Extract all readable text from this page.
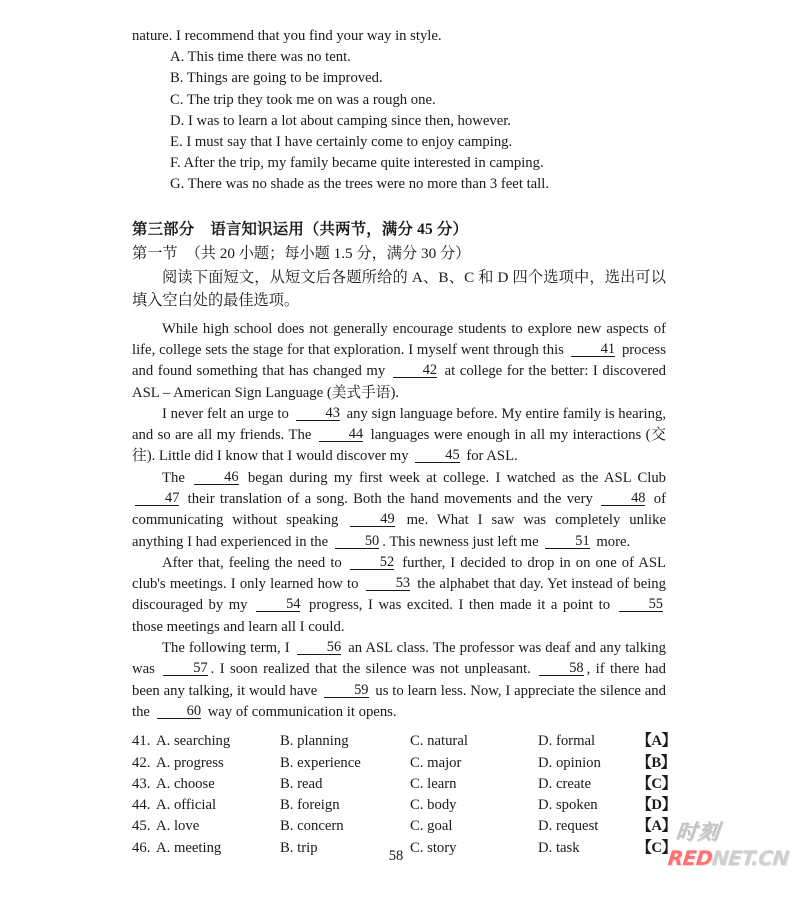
nature. I recommend that you find your way in style.

A. This time there was no tent.

B. Things are going to be improved.

C. The trip they took me on was a rough one.

D. I was to learn a lot about camping since then, however.

E. I must say that I have certainly come to enjoy camping.

F. After the trip, my family became quite interested in camping.

G. There was no shade as the trees were no more than 3 feet tall.

第三部分 语言知识运用（共两节，满分 45 分）

第一节 （共 20 小题；每小题 1.5 分，满分 30 分）

阅读下面短文，从短文后各题所给的 A、B、C 和 D 四个选项中，选出可以填入空白处的最佳选项。

While high school does not generally encourage students to explore new aspects of life, college sets the stage for that exploration. I myself went through this 41 process and found something that has changed my 42 at college for the better: I discovered ASL – American Sign Language (美式手语).

I never felt an urge to 43 any sign language before. My entire family is hearing, and so are all my friends. The 44 languages were enough in all my interactions (交往). Little did I know that I would discover my 45 for ASL.

The 46 began during my first week at college. I watched as the ASL Club 47 their translation of a song. Both the hand movements and the very 48 of communicating without speaking 49 me. What I saw was completely unlike anything I had experienced in the 50 . This newness just left me 51 more.

After that, feeling the need to 52 further, I decided to drop in on one of ASL club's meetings. I only learned how to 53 the alphabet that day. Yet instead of being discouraged by my 54 progress, I was excited. I then made it a point to 55 those meetings and learn all I could.

The following term, I 56 an ASL class. The professor was deaf and any talking was 57 . I soon realized that the silence was not unpleasant. 58 , if there had been any talking, it would have 59 us to learn less. Now, I appreciate the silence and the 60 way of communication it opens.

41. A. searching	B. planning	C. natural	D. formal	【A】
42. A. progress	B. experience	C. major	D. opinion 【B】
43. A. choose	B. read	C. learn	D. create	【C】
44. A. official	B. foreign	C. body	D. spoken	【D】
45. A. love	B. concern	C. goal	D. request	【A】
46. A. meeting	B. trip	C. story	D. task	【C】
58
时刻
REDNET.CN
